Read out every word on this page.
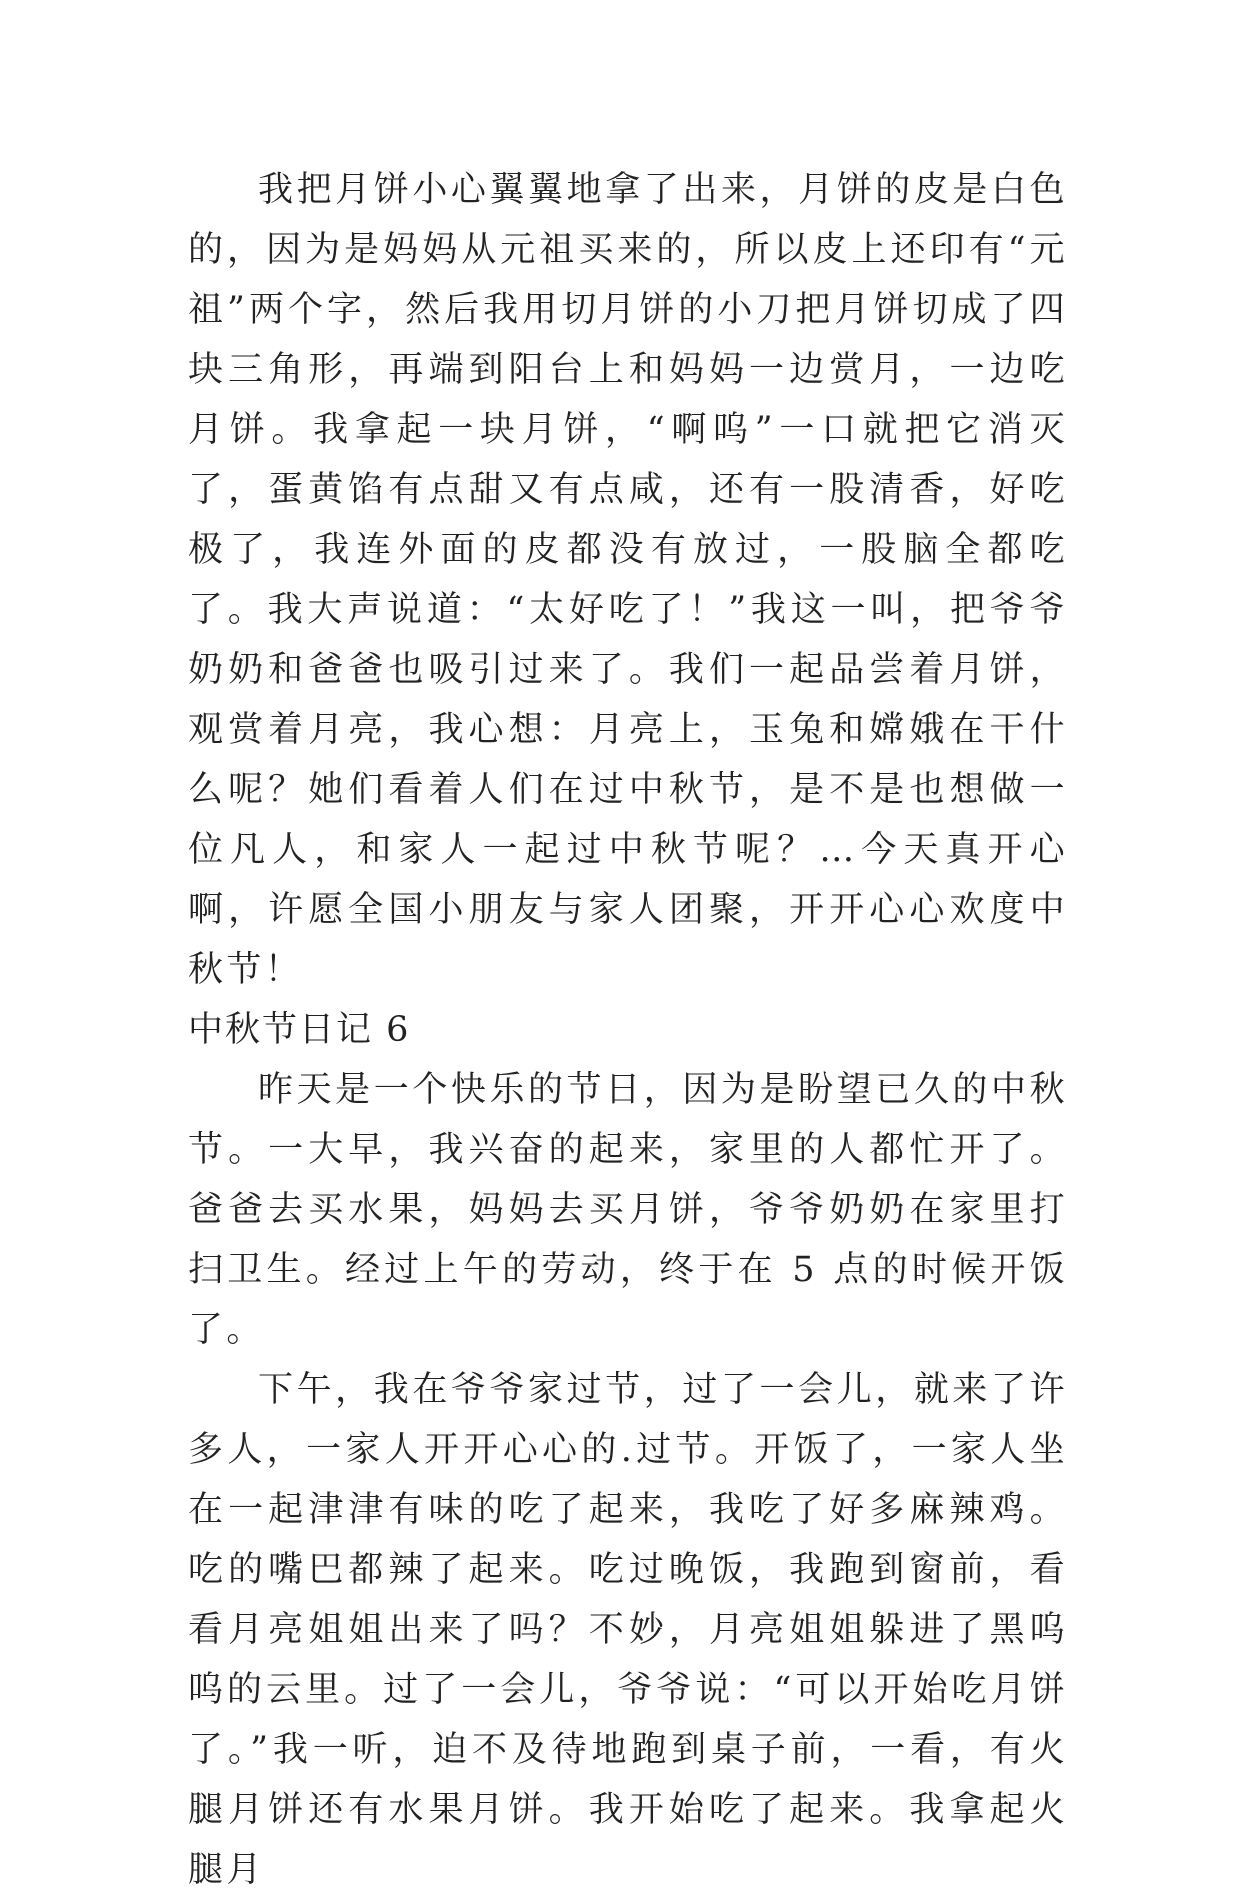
我把月饼小心翼翼地拿了出来，月饼的皮是白色的，因为是妈妈从元祖买来的，所以皮上还印有“元祖”两个字，然后我用切月饼的小刀把月饼切成了四块三角形，再端到阳台上和妈妈一边赏月，一边吃月饼。我拿起一块月饼，“啊呜”一口就把它消灭了，蛋黄馅有点甜又有点咸，还有一股清香，好吃极了，我连外面的皮都没有放过，一股脑全都吃了。我大声说道：“太好吃了！”我这一叫，把爷爷奶奶和爸爸也吸引过来了。我们一起品尝着月饼，观赏着月亮，我心想：月亮上，玉兔和嫦娥在干什么呢？她们看着人们在过中秋节，是不是也想做一位凡人，和家人一起过中秋节呢？…今天真开心啊，许愿全国小朋友与家人团聚，开开心心欢度中秋节！

中秋节日记 6

昨天是一个快乐的节日，因为是盼望已久的中秋节。一大早，我兴奋的起来，家里的人都忙开了。爸爸去买水果，妈妈去买月饼，爷爷奶奶在家里打扫卫生。经过上午的劳动，终于在 5 点的时候开饭了。

下午，我在爷爷家过节，过了一会儿，就来了许多人，一家人开开心心的.过节。开饭了，一家人坐在一起津津有味的吃了起来，我吃了好多麻辣鸡。吃的嘴巴都辣了起来。吃过晚饭，我跑到窗前，看看月亮姐姐出来了吗？不妙，月亮姐姐躲进了黑呜呜的云里。过了一会儿，爷爷说：“可以开始吃月饼了。”我一听，迫不及待地跑到桌子前，一看，有火腿月饼还有水果月饼。我开始吃了起来。我拿起火腿月
